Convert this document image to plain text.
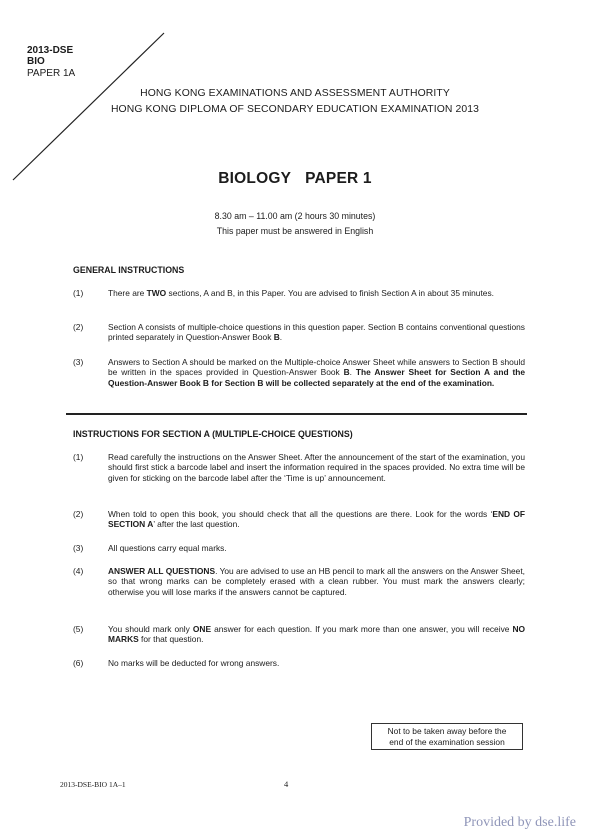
2013-DSE
BIO
PAPER 1A
HONG KONG EXAMINATIONS AND ASSESSMENT AUTHORITY
HONG KONG DIPLOMA OF SECONDARY EDUCATION EXAMINATION 2013
BIOLOGY PAPER 1
8.30 am – 11.00 am (2 hours 30 minutes)
This paper must be answered in English
GENERAL INSTRUCTIONS
(1)	There are TWO sections, A and B, in this Paper. You are advised to finish Section A in about 35 minutes.
(2)	Section A consists of multiple-choice questions in this question paper. Section B contains conventional questions printed separately in Question-Answer Book B.
(3)	Answers to Section A should be marked on the Multiple-choice Answer Sheet while answers to Section B should be written in the spaces provided in Question-Answer Book B. The Answer Sheet for Section A and the Question-Answer Book B for Section B will be collected separately at the end of the examination.
INSTRUCTIONS FOR SECTION A (MULTIPLE-CHOICE QUESTIONS)
(1)	Read carefully the instructions on the Answer Sheet. After the announcement of the start of the examination, you should first stick a barcode label and insert the information required in the spaces provided. No extra time will be given for sticking on the barcode label after the ‘Time is up’ announcement.
(2)	When told to open this book, you should check that all the questions are there. Look for the words ‘END OF SECTION A’ after the last question.
(3)	All questions carry equal marks.
(4)	ANSWER ALL QUESTIONS. You are advised to use an HB pencil to mark all the answers on the Answer Sheet, so that wrong marks can be completely erased with a clean rubber. You must mark the answers clearly; otherwise you will lose marks if the answers cannot be captured.
(5)	You should mark only ONE answer for each question. If you mark more than one answer, you will receive NO MARKS for that question.
(6)	No marks will be deducted for wrong answers.
Not to be taken away before the
end of the examination session
2013-DSE-BIO 1A–1	4
Provided by dse.life
